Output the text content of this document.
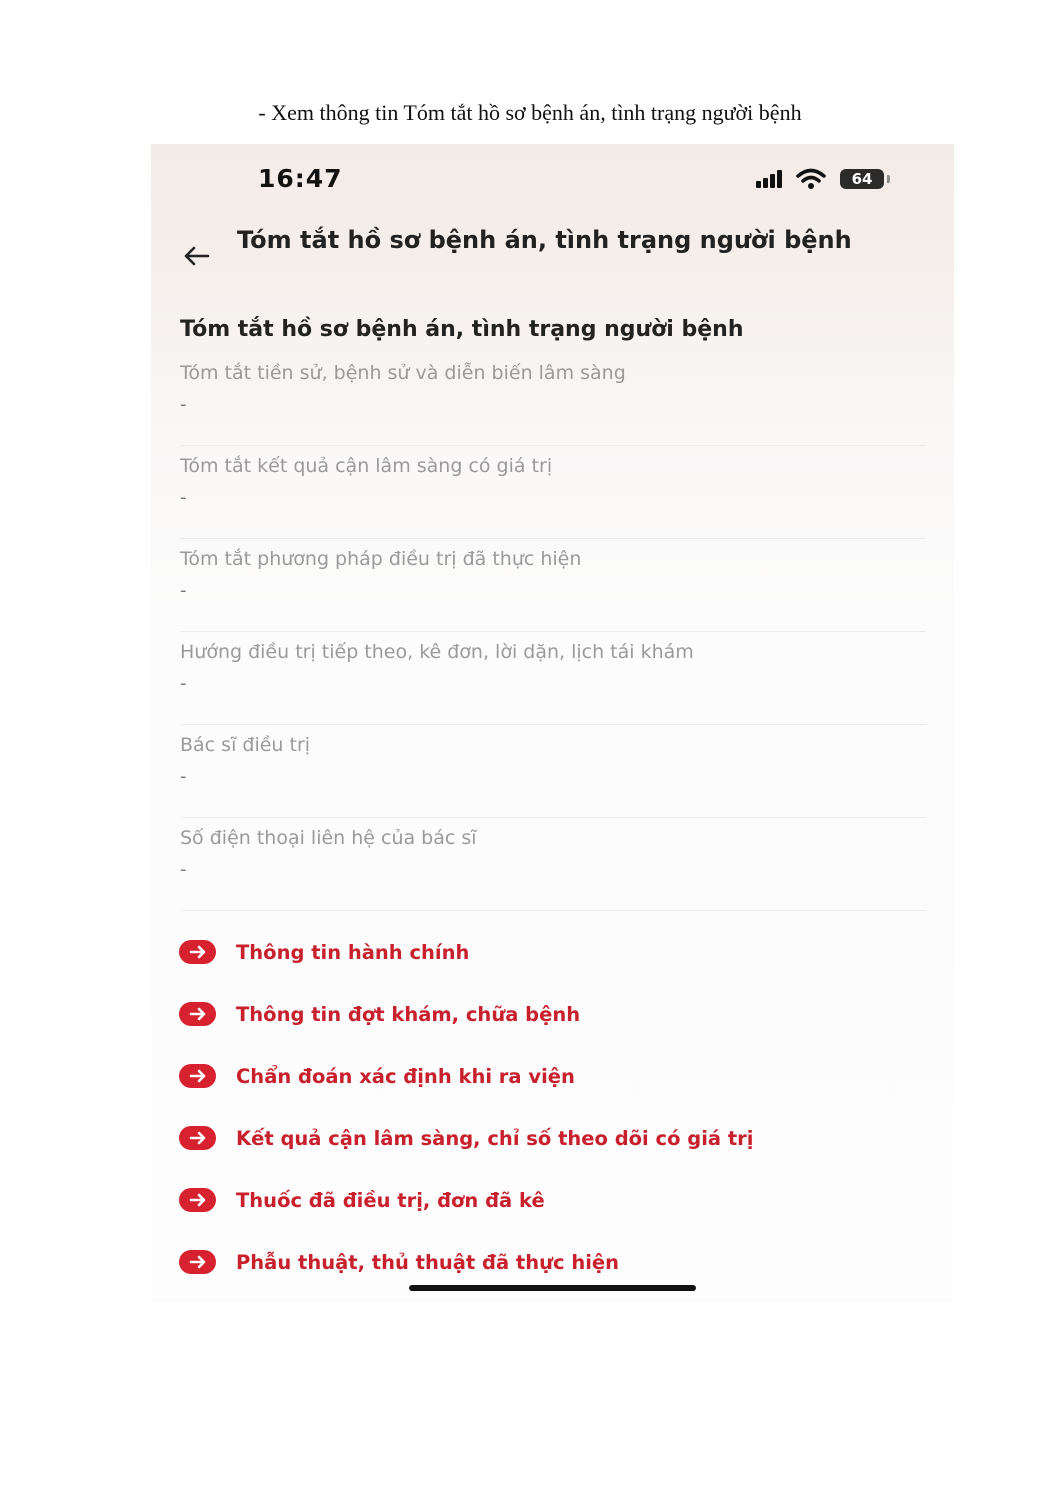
- Xem thông tin Tóm tắt hồ sơ bệnh án, tình trạng người bệnh
16:47	64
Tóm tắt hồ sơ bệnh án, tình trạng người bệnh
Tóm tắt hồ sơ bệnh án, tình trạng người bệnh
Tóm tắt tiền sử, bệnh sử và diễn biến lâm sàng
-
Tóm tắt kết quả cận lâm sàng có giá trị
-
Tóm tắt phương pháp điều trị đã thực hiện
-
Hướng điều trị tiếp theo, kê đơn, lời dặn, lịch tái khám
-
Bác sĩ điều trị
-
Số điện thoại liên hệ của bác sĩ
-
Thông tin hành chính
Thông tin đợt khám, chữa bệnh
Chẩn đoán xác định khi ra viện
Kết quả cận lâm sàng, chỉ số theo dõi có giá trị
Thuốc đã điều trị, đơn đã kê
Phẫu thuật, thủ thuật đã thực hiện
